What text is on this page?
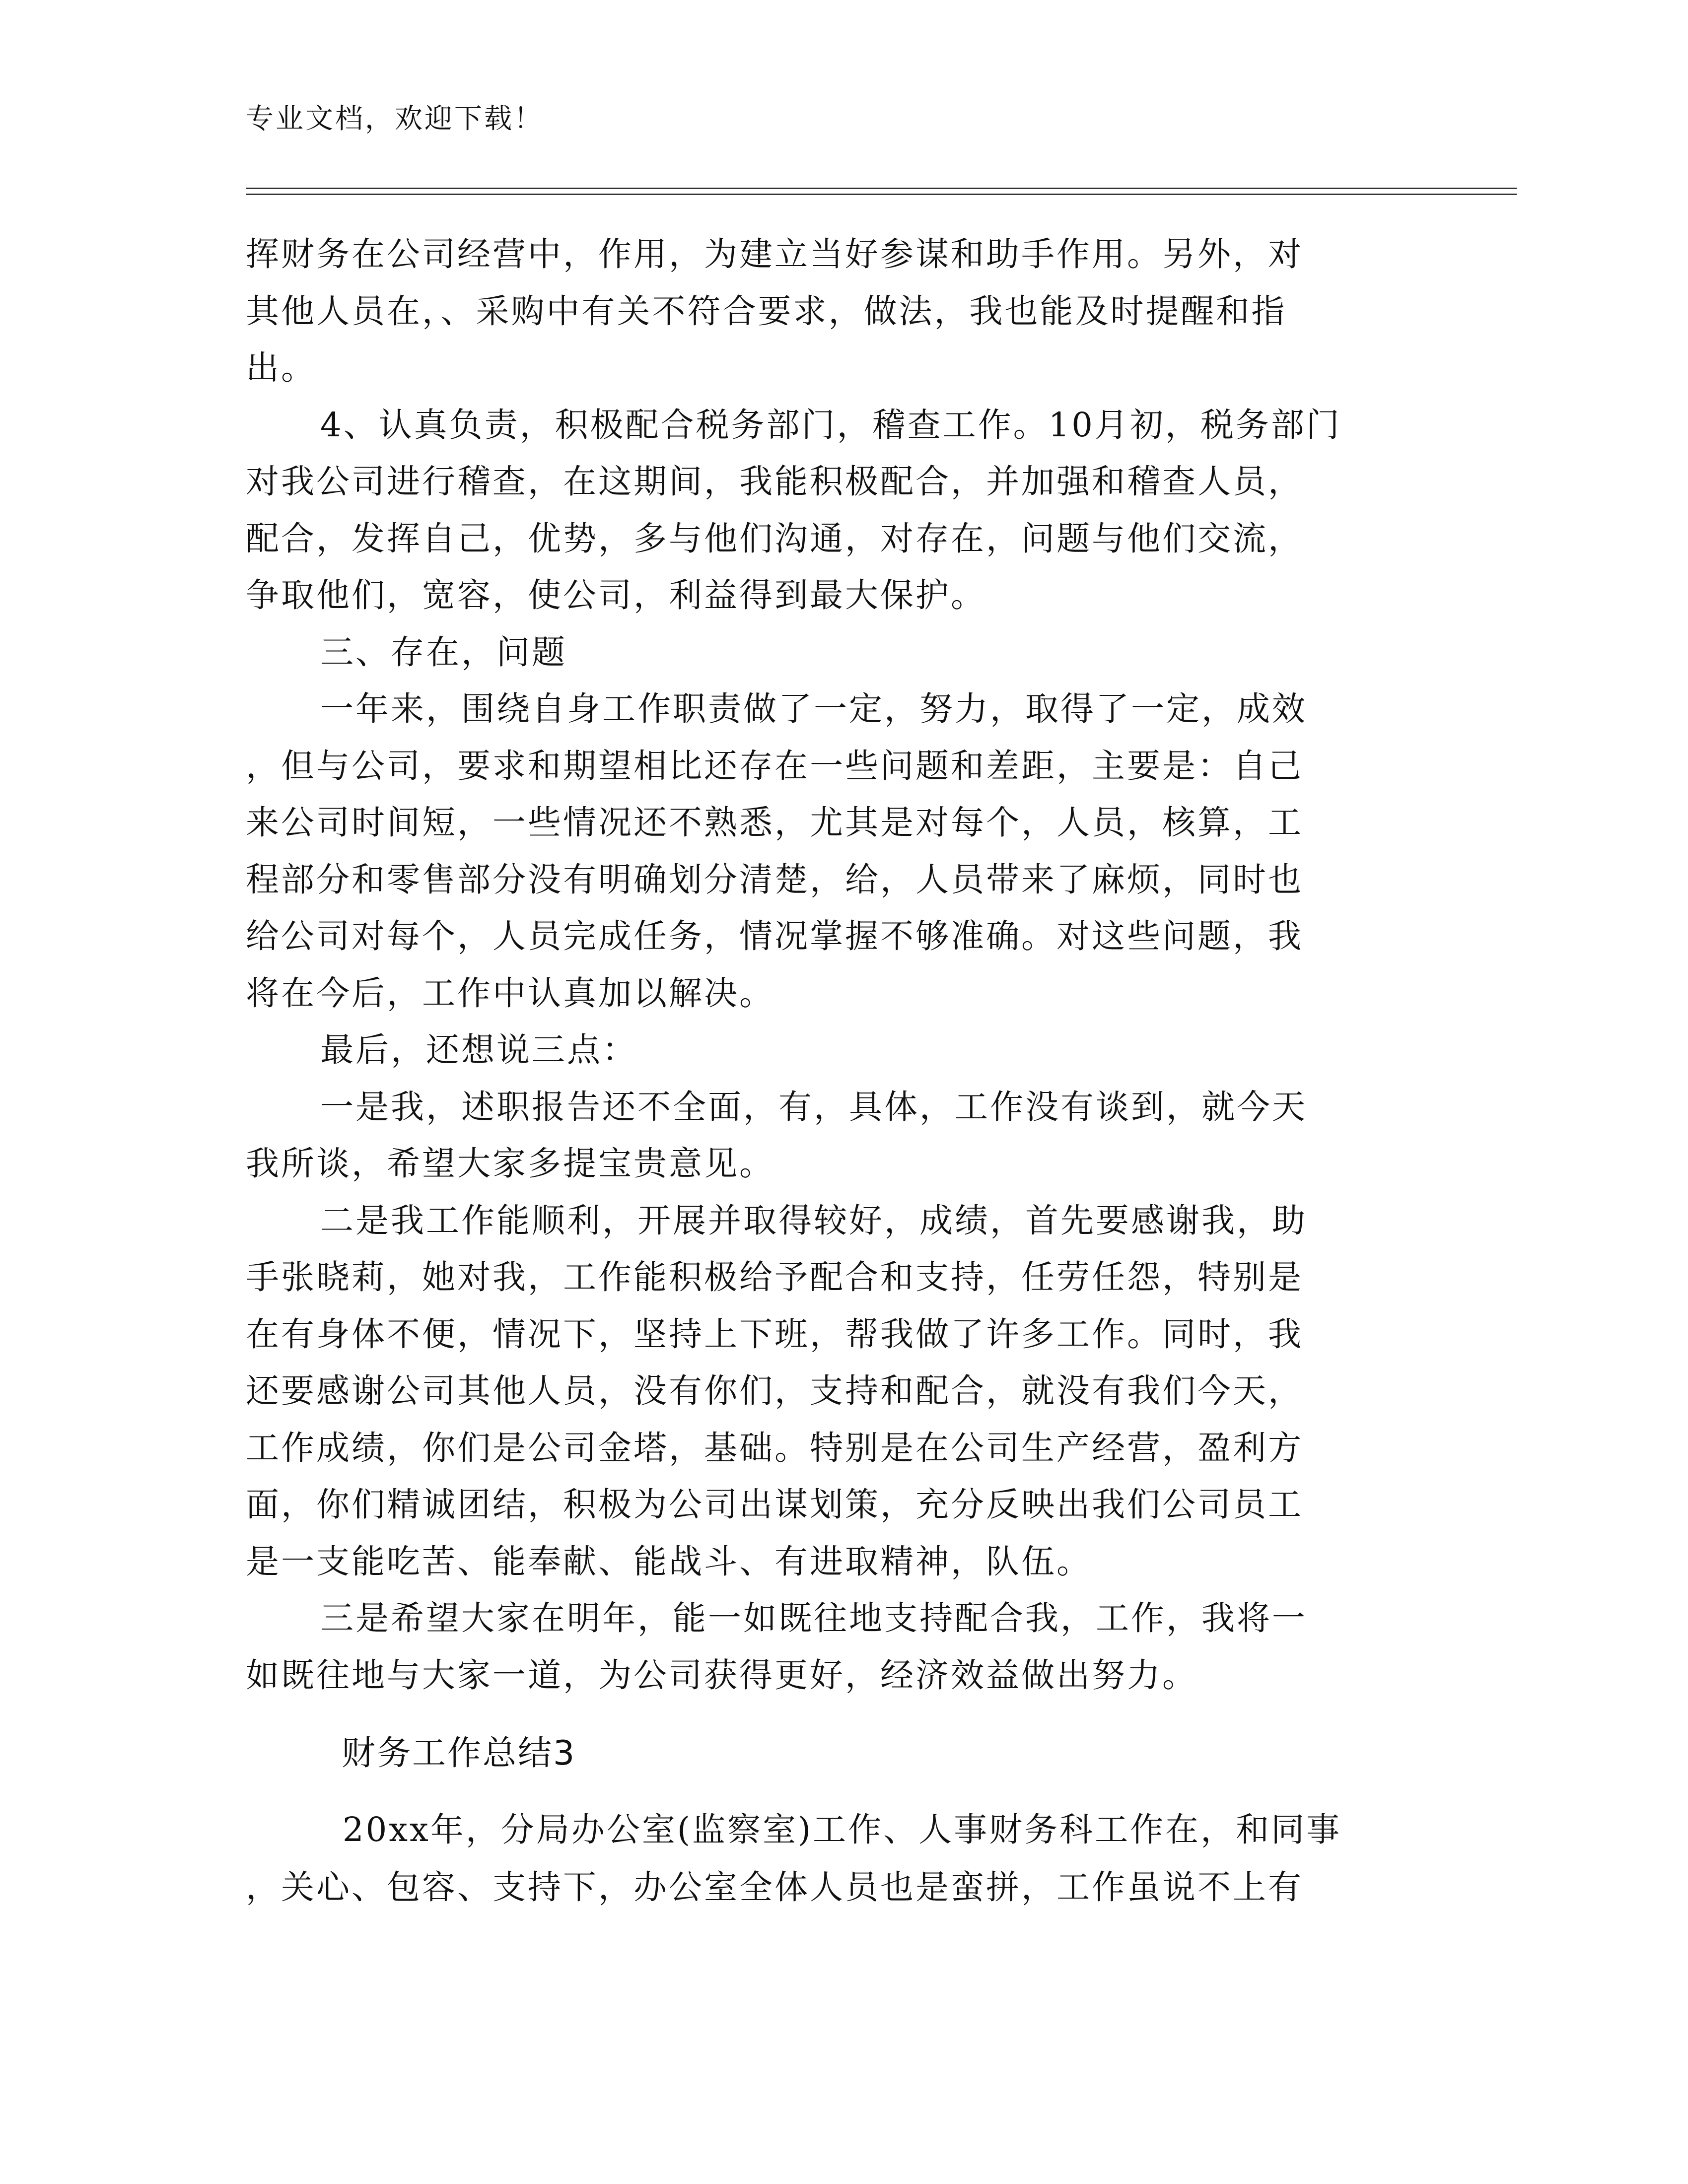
专业文档，欢迎下载！
挥财务在公司经营中，作用，为建立当好参谋和助手作用。另外，对
其他人员在，、采购中有关不符合要求，做法，我也能及时提醒和指
出。
4、认真负责，积极配合税务部门，稽查工作。10月初，税务部门
对我公司进行稽查，在这期间，我能积极配合，并加强和稽查人员，
配合，发挥自己，优势，多与他们沟通，对存在，问题与他们交流，
争取他们，宽容，使公司，利益得到最大保护。
三、存在，问题
一年来，围绕自身工作职责做了一定，努力，取得了一定，成效
，但与公司，要求和期望相比还存在一些问题和差距，主要是：自己
来公司时间短，一些情况还不熟悉，尤其是对每个，人员，核算，工
程部分和零售部分没有明确划分清楚，给，人员带来了麻烦，同时也
给公司对每个，人员完成任务，情况掌握不够准确。对这些问题，我
将在今后，工作中认真加以解决。
最后，还想说三点：
一是我，述职报告还不全面，有，具体，工作没有谈到，就今天
我所谈，希望大家多提宝贵意见。
二是我工作能顺利，开展并取得较好，成绩，首先要感谢我，助
手张晓莉，她对我，工作能积极给予配合和支持，任劳任怨，特别是
在有身体不便，情况下，坚持上下班，帮我做了许多工作。同时，我
还要感谢公司其他人员，没有你们，支持和配合，就没有我们今天，
工作成绩，你们是公司金塔，基础。特别是在公司生产经营，盈利方
面，你们精诚团结，积极为公司出谋划策，充分反映出我们公司员工
是一支能吃苦、能奉献、能战斗、有进取精神，队伍。
三是希望大家在明年，能一如既往地支持配合我，工作，我将一
如既往地与大家一道，为公司获得更好，经济效益做出努力。
财务工作总结3
20xx年，分局办公室(监察室)工作、人事财务科工作在，和同事
，关心、包容、支持下，办公室全体人员也是蛮拼，工作虽说不上有
